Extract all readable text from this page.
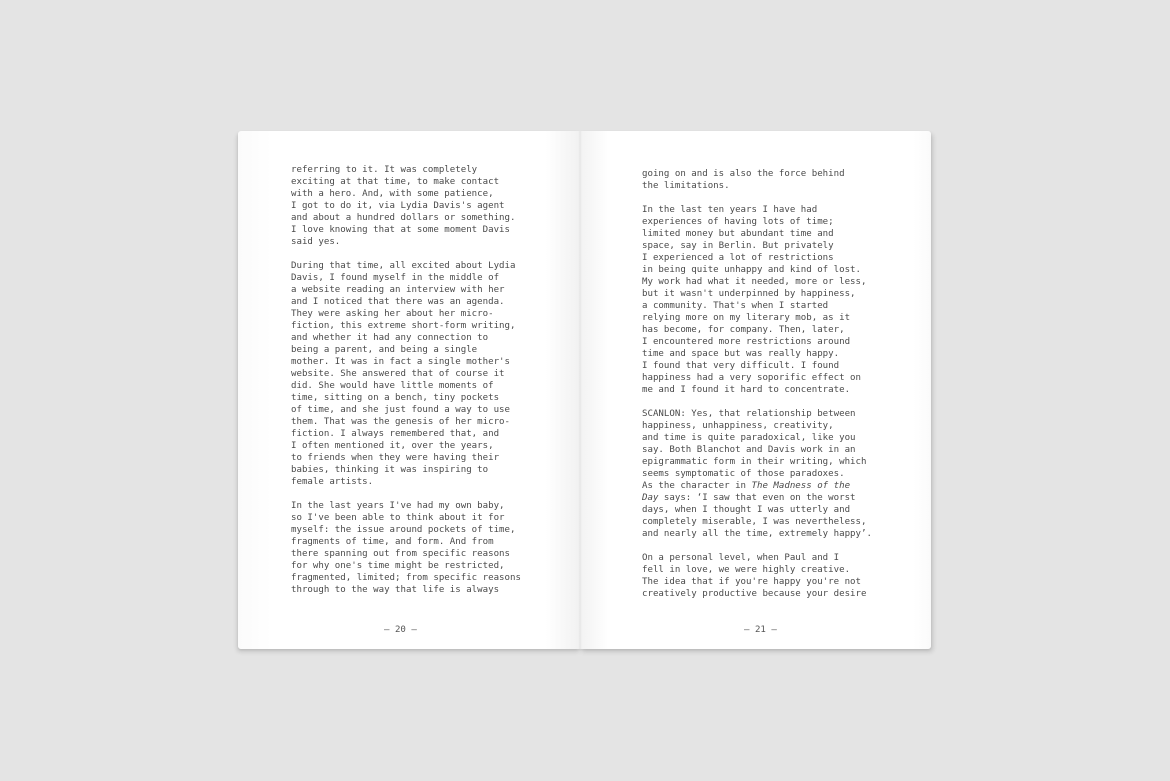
referring to it. It was completely
exciting at that time, to make contact
with a hero. And, with some patience,
I got to do it, via Lydia Davis's agent
and about a hundred dollars or something.
I love knowing that at some moment Davis
said yes.
During that time, all excited about Lydia
Davis, I found myself in the middle of
a website reading an interview with her
and I noticed that there was an agenda.
They were asking her about her micro-
fiction, this extreme short-form writing,
and whether it had any connection to
being a parent, and being a single
mother. It was in fact a single mother's
website. She answered that of course it
did. She would have little moments of
time, sitting on a bench, tiny pockets
of time, and she just found a way to use
them. That was the genesis of her micro-
fiction. I always remembered that, and
I often mentioned it, over the years,
to friends when they were having their
babies, thinking it was inspiring to
female artists.
In the last years I've had my own baby,
so I've been able to think about it for
myself: the issue around pockets of time,
fragments of time, and form. And from
there spanning out from specific reasons
for why one's time might be restricted,
fragmented, limited; from specific reasons
through to the way that life is always
— 20 —
going on and is also the force behind
the limitations.
In the last ten years I have had
experiences of having lots of time;
limited money but abundant time and
space, say in Berlin. But privately
I experienced a lot of restrictions
in being quite unhappy and kind of lost.
My work had what it needed, more or less,
but it wasn't underpinned by happiness,
a community. That's when I started
relying more on my literary mob, as it
has become, for company. Then, later,
I encountered more restrictions around
time and space but was really happy.
I found that very difficult. I found
happiness had a very soporific effect on
me and I found it hard to concentrate.
SCANLON: Yes, that relationship between
happiness, unhappiness, creativity,
and time is quite paradoxical, like you
say. Both Blanchot and Davis work in an
epigrammatic form in their writing, which
seems symptomatic of those paradoxes.
As the character in The Madness of the
Day says: ‘I saw that even on the worst
days, when I thought I was utterly and
completely miserable, I was nevertheless,
and nearly all the time, extremely happy’.
On a personal level, when Paul and I
fell in love, we were highly creative.
The idea that if you're happy you're not
creatively productive because your desire
— 21 —
